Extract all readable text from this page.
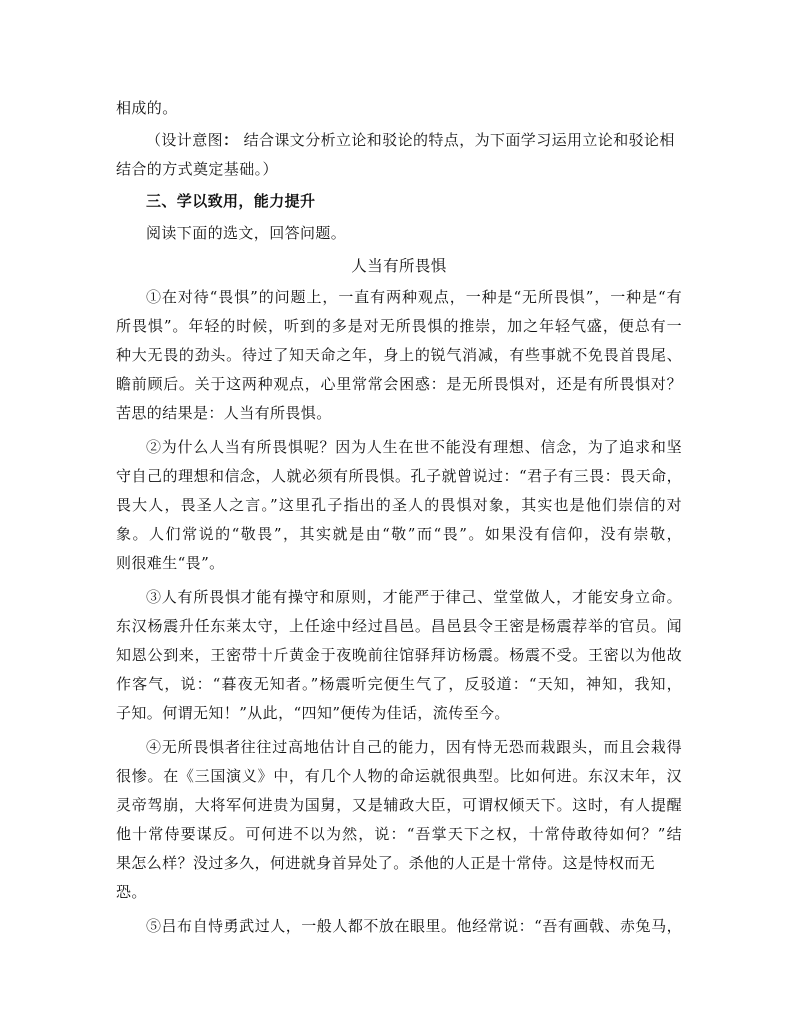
相成的。

（设计意图： 结合课文分析立论和驳论的特点，为下面学习运用立论和驳论相

结合的方式奠定基础。）

三、学以致用，能力提升

阅读下面的选文，回答问题。

人当有所畏惧

①在对待“畏惧”的问题上，一直有两种观点，一种是“无所畏惧”，一种是“有
所畏惧”。年轻的时候，听到的多是对无所畏惧的推崇，加之年轻气盛，便总有一
种大无畏的劲头。待过了知天命之年，身上的锐气消减，有些事就不免畏首畏尾、
瞻前顾后。关于这两种观点，心里常常会困惑：是无所畏惧对，还是有所畏惧对？
苦思的结果是：人当有所畏惧。
②为什么人当有所畏惧呢？因为人生在世不能没有理想、信念，为了追求和坚
守自己的理想和信念，人就必须有所畏惧。孔子就曾说过：“君子有三畏：畏天命，
畏大人，畏圣人之言。”这里孔子指出的圣人的畏惧对象，其实也是他们崇信的对
象。人们常说的“敬畏”，其实就是由“敬”而“畏”。如果没有信仰，没有崇敬，
则很难生“畏”。
③人有所畏惧才能有操守和原则，才能严于律己、堂堂做人，才能安身立命。
东汉杨震升任东莱太守，上任途中经过昌邑。昌邑县令王密是杨震荐举的官员。闻
知恩公到来，王密带十斤黄金于夜晚前往馆驿拜访杨震。杨震不受。王密以为他故
作客气，说：“暮夜无知者。”杨震听完便生气了，反驳道：“天知，神知，我知，
子知。何谓无知！”从此，“四知”便传为佳话，流传至今。
④无所畏惧者往往过高地估计自己的能力，因有恃无恐而栽跟头，而且会栽得
很惨。在《三国演义》中，有几个人物的命运就很典型。比如何进。东汉末年，汉
灵帝驾崩，大将军何进贵为国舅，又是辅政大臣，可谓权倾天下。这时，有人提醒
他十常侍要谋反。可何进不以为然，说：“吾掌天下之权，十常侍敢待如何？”结
果怎么样？没过多久，何进就身首异处了。杀他的人正是十常侍。这是恃权而无恐。
⑤吕布自恃勇武过人，一般人都不放在眼里。他经常说：“吾有画戟、赤兔马，
